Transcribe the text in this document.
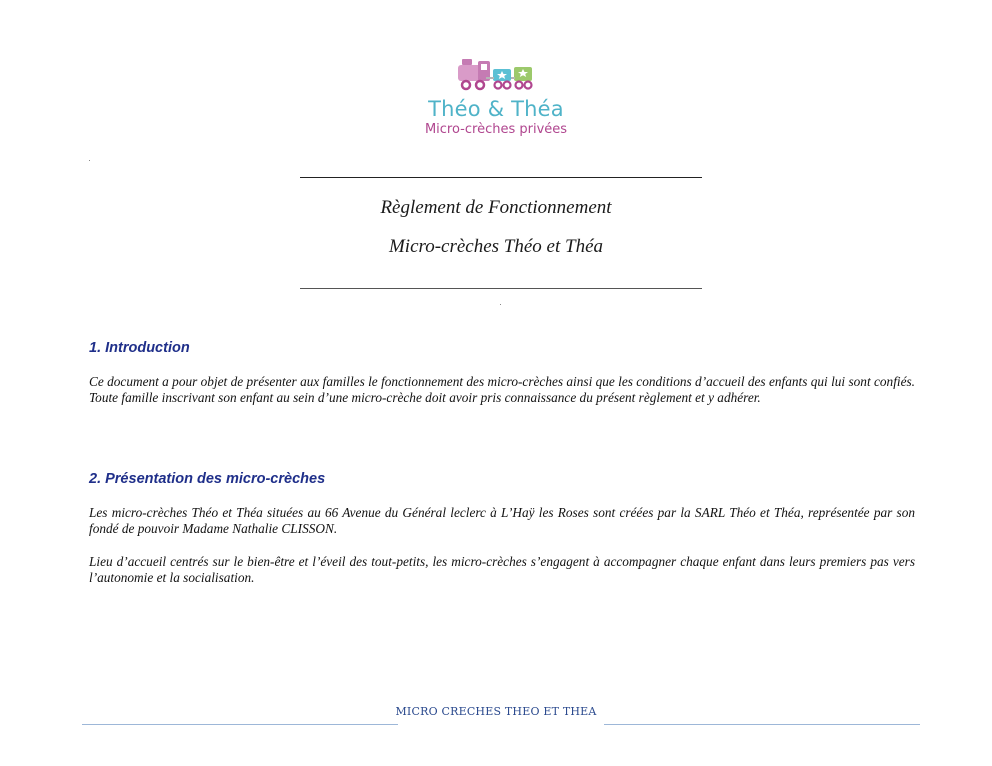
Théo & Théa
Micro-crèches privées
Règlement de Fonctionnement
Micro-crèches Théo et Théa
1. Introduction

Ce document a pour objet de présenter aux familles le fonctionnement des micro-crèches ainsi que les conditions d’accueil des enfants qui lui sont confiés. Toute famille inscrivant son enfant au sein d’une micro-crèche doit avoir pris connaissance du présent règlement et y adhérer.

2. Présentation des micro-crèches

Les micro-crèches Théo et Théa situées au 66 Avenue du Général leclerc à L’Haÿ les Roses sont créées par la SARL Théo et Théa, représentée par son fondé de pouvoir Madame Nathalie CLISSON.

Lieu d’accueil centrés sur le bien-être et l’éveil des tout-petits, les micro-crèches s’engagent à accompagner chaque enfant dans leurs premiers pas vers l’autonomie et la socialisation.

MICRO CRECHES THEO ET THEA
